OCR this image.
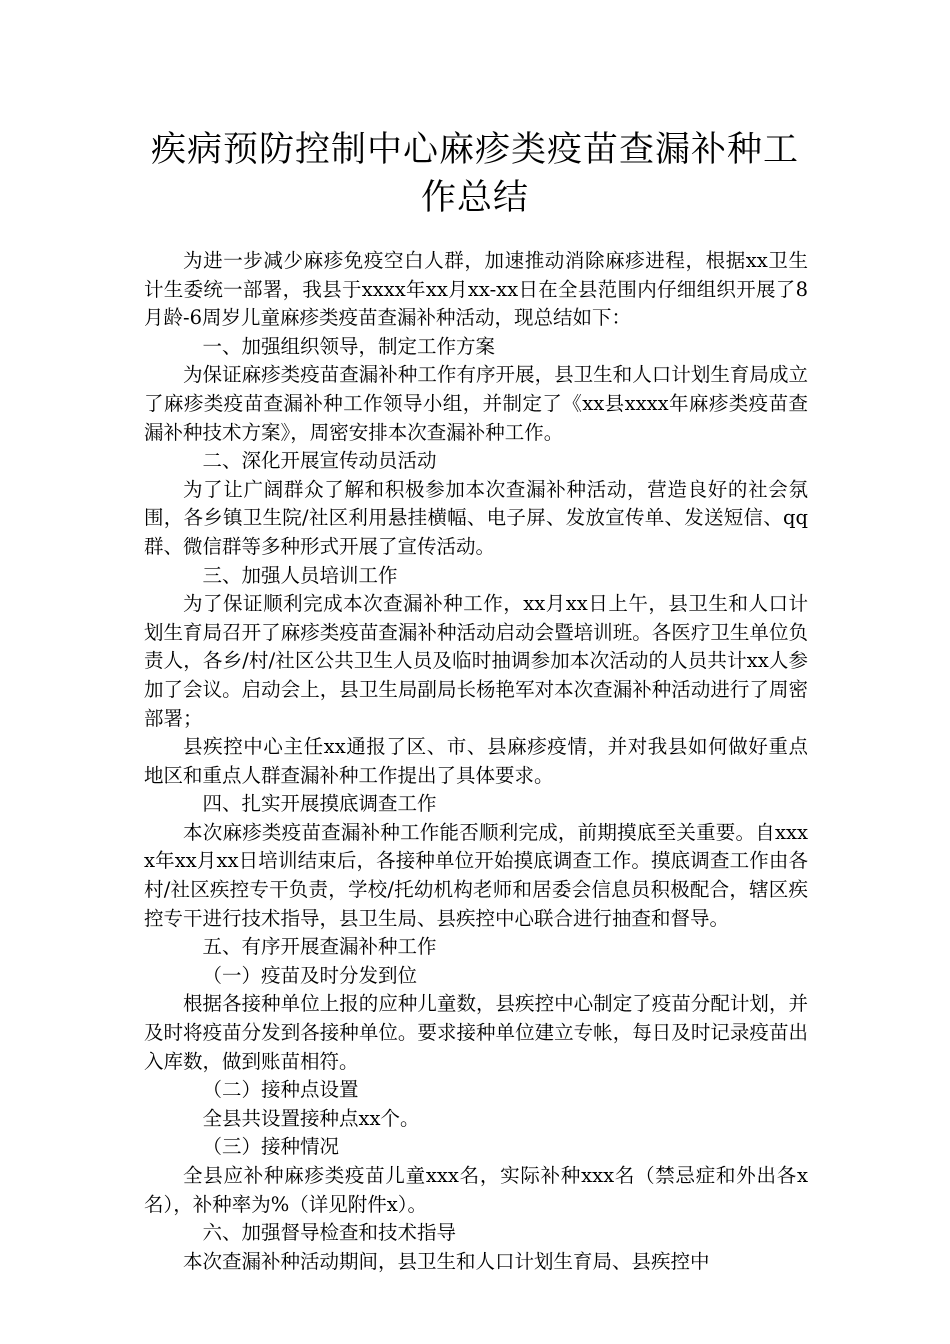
疾病预防控制中心麻疹类疫苗查漏补种工
作总结

为进一步减少麻疹免疫空白人群，加速推动消除麻疹进程，根据xx卫生计生委统一部署，我县于xxxx年xx月xx-xx日在全县范围内仔细组织开展了8月龄-6周岁儿童麻疹类疫苗查漏补种活动，现总结如下：

一、加强组织领导，制定工作方案

为保证麻疹类疫苗查漏补种工作有序开展，县卫生和人口计划生育局成立了麻疹类疫苗查漏补种工作领导小组，并制定了《xx县xxxx年麻疹类疫苗查漏补种技术方案》，周密安排本次查漏补种工作。

二、深化开展宣传动员活动

为了让广阔群众了解和积极参加本次查漏补种活动，营造良好的社会氛围，各乡镇卫生院/社区利用悬挂横幅、电子屏、发放宣传单、发送短信、qq群、微信群等多种形式开展了宣传活动。

三、加强人员培训工作

为了保证顺利完成本次查漏补种工作，xx月xx日上午，县卫生和人口计划生育局召开了麻疹类疫苗查漏补种活动启动会暨培训班。各医疗卫生单位负责人，各乡/村/社区公共卫生人员及临时抽调参加本次活动的人员共计xx人参加了会议。启动会上，县卫生局副局长杨艳军对本次查漏补种活动进行了周密部署；

县疾控中心主任xx通报了区、市、县麻疹疫情，并对我县如何做好重点地区和重点人群查漏补种工作提出了具体要求。

四、扎实开展摸底调查工作

本次麻疹类疫苗查漏补种工作能否顺利完成，前期摸底至关重要。自xxxx年xx月xx日培训结束后，各接种单位开始摸底调查工作。摸底调查工作由各村/社区疾控专干负责，学校/托幼机构老师和居委会信息员积极配合，辖区疾控专干进行技术指导，县卫生局、县疾控中心联合进行抽查和督导。

五、有序开展查漏补种工作

（一）疫苗及时分发到位

根据各接种单位上报的应种儿童数，县疾控中心制定了疫苗分配计划，并及时将疫苗分发到各接种单位。要求接种单位建立专帐，每日及时记录疫苗出入库数，做到账苗相符。

（二）接种点设置

全县共设置接种点xx个。

（三）接种情况

全县应补种麻疹类疫苗儿童xxx名，实际补种xxx名（禁忌症和外出各x名），补种率为%（详见附件x）。

六、加强督导检查和技术指导

本次查漏补种活动期间，县卫生和人口计划生育局、县疾控中
